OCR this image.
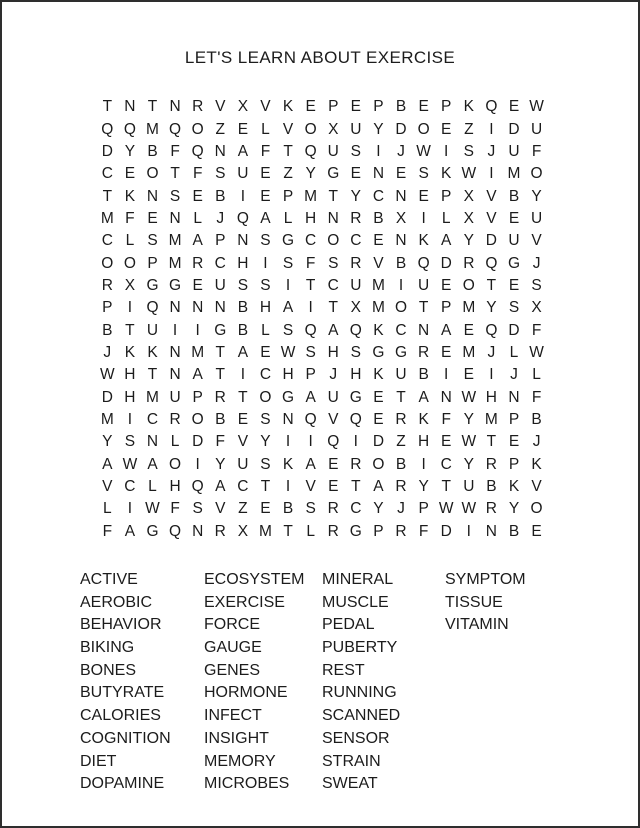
LET'S LEARN ABOUT EXERCISE
T N T N R V X V K E P E P B E P K Q E W
Q Q M Q O Z E L V O X U Y D O E Z	I D U
D Y B F Q N A F T Q U S I	J W I S J U F
C E O T F S U E Z Y G E N E S K W I M O
T K N S E B I E P M T Y C N E P X V B Y
M F E N L J Q A L H N R B X I	L X V E U
C L S M A P N S G C O C E N K A Y D U V
O O P M R C H I S F S R V B Q D R Q G J
R X G G E U S S I	T C U M I U E O T E S
P I Q N N N B H A I	T X M O T P M Y S X
B T U I	I G B L S Q A Q K C N A E Q D F
J K K N M T A E W S H S G G R E M J L W
W H T N A T	I C H P J H K U B I E I	J L
D H M U P R T O G A U G E T A N W H N F
M I C R O B E S N Q V Q E R K F Y M P B
Y S N L D F V Y I	I Q I D Z H E W T E J
A W A O I Y U S K A E R O B I C Y R P K
V C L H Q A C T	I V E T A R Y T U B K V
L	I W F S V Z E B S R C Y J P W W R Y O
F A G Q N R X M T L R G P R F D I N B E
ACTIVE
AEROBIC
BEHAVIOR
BIKING
BONES
BUTYRATE
CALORIES
COGNITION
DIET
DOPAMINE
ECOSYSTEM
EXERCISE
FORCE
GAUGE
GENES
HORMONE
INFECT
INSIGHT
MEMORY
MICROBES
MINERAL
MUSCLE
PEDAL
PUBERTY
REST
RUNNING
SCANNED
SENSOR
STRAIN
SWEAT
SYMPTOM
TISSUE
VITAMIN
